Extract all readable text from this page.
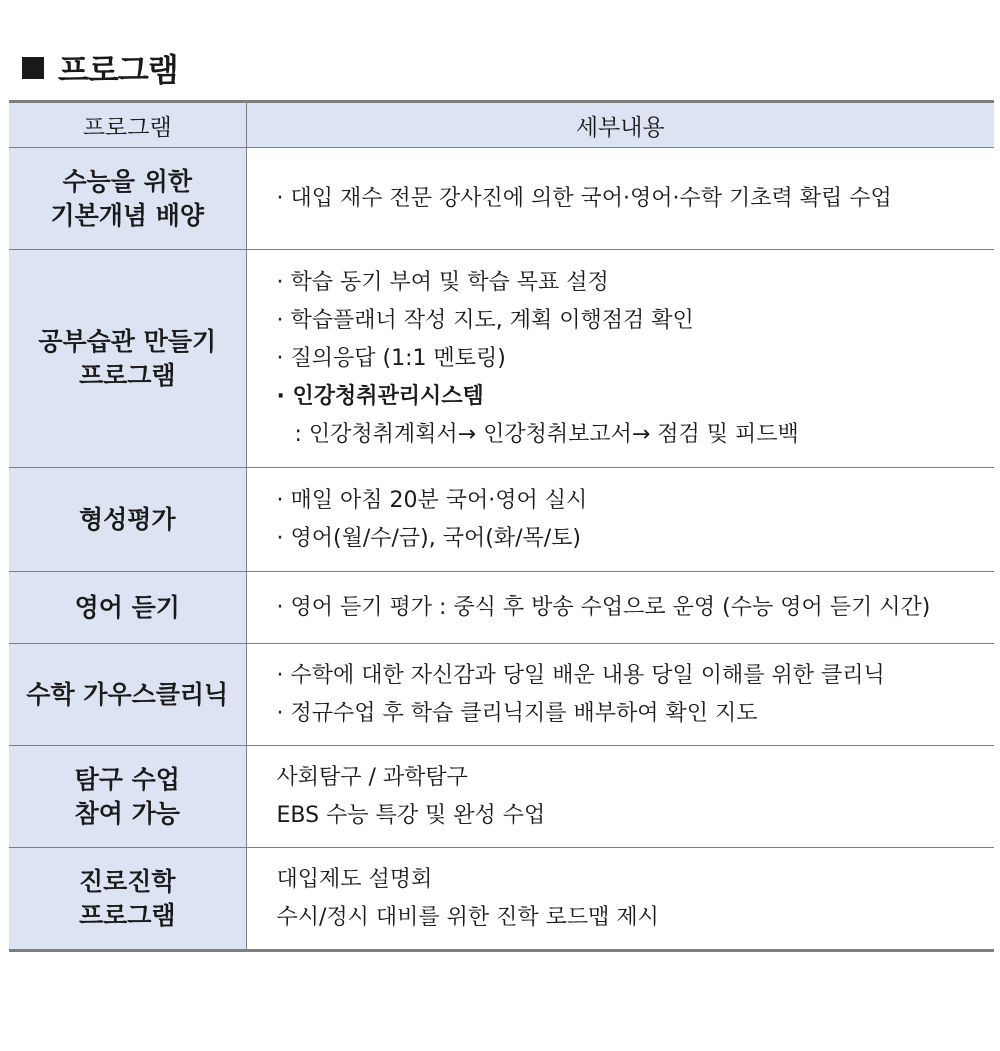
프로그램
프로그램	세부내용

수능을 위한
기본개념 배양	· 대입 재수 전문 강사진에 의한 국어·영어·수학 기초력 확립 수업

공부습관 만들기
프로그램	· 학습 동기 부여 및 학습 목표 설정
· 학습플래너 작성 지도, 계획 이행점검 확인
· 질의응답 (1:1 멘토링)
· 인강청취관리시스템
: 인강청취계획서→ 인강청취보고서→ 점검 및 피드백

형성평가	· 매일 아침 20분 국어·영어 실시
· 영어(월/수/금), 국어(화/목/토)

영어 듣기	· 영어 듣기 평가 : 중식 후 방송 수업으로 운영 (수능 영어 듣기 시간)

수학 가우스클리닉	· 수학에 대한 자신감과 당일 배운 내용 당일 이해를 위한 클리닉
· 정규수업 후 학습 클리닉지를 배부하여 확인 지도

탐구 수업
참여 가능	사회탐구 / 과학탐구
EBS 수능 특강 및 완성 수업

진로진학
프로그램	대입제도 설명회
수시/정시 대비를 위한 진학 로드맵 제시
